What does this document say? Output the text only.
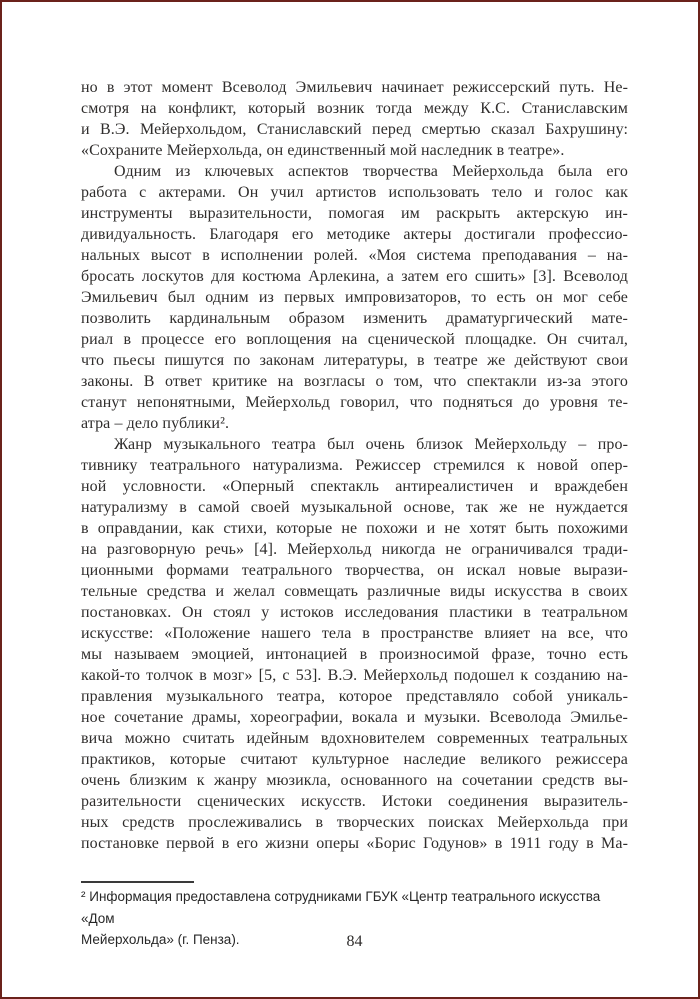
но в этот момент Всеволод Эмильевич начинает режиссерский путь. Не-
смотря на конфликт, который возник тогда между К.С. Станиславским
и В.Э. Мейерхольдом, Станиславский перед смертью сказал Бахрушину:
«Сохраните Мейерхольда, он единственный мой наследник в театре».
Одним из ключевых аспектов творчества Мейерхольда была его
работа с актерами. Он учил артистов использовать тело и голос как
инструменты выразительности, помогая им раскрыть актерскую ин-
дивидуальность. Благодаря его методике актеры достигали профессио-
нальных высот в исполнении ролей. «Моя система преподавания – на-
бросать лоскутов для костюма Арлекина, а затем его сшить» [3]. Всеволод
Эмильевич был одним из первых импровизаторов, то есть он мог себе
позволить кардинальным образом изменить драматургический мате-
риал в процессе его воплощения на сценической площадке. Он считал,
что пьесы пишутся по законам литературы, в театре же действуют свои
законы. В ответ критике на возгласы о том, что спектакли из-за этого
станут непонятными, Мейерхольд говорил, что подняться до уровня те-
атра – дело публики².
Жанр музыкального театра был очень близок Мейерхольду – про-
тивнику театрального натурализма. Режиссер стремился к новой опер-
ной условности. «Оперный спектакль антиреалистичен и враждебен
натурализму в самой своей музыкальной основе, так же не нуждается
в оправдании, как стихи, которые не похожи и не хотят быть похожими
на разговорную речь» [4]. Мейерхольд никогда не ограничивался тради-
ционными формами театрального творчества, он искал новые вырази-
тельные средства и желал совмещать различные виды искусства в своих
постановках. Он стоял у истоков исследования пластики в театральном
искусстве: «Положение нашего тела в пространстве влияет на все, что
мы называем эмоцией, интонацией в произносимой фразе, точно есть
какой-то толчок в мозг» [5, с 53]. В.Э. Мейерхольд подошел к созданию на-
правления музыкального театра, которое представляло собой уникаль-
ное сочетание драмы, хореографии, вокала и музыки. Всеволода Эмилье-
вича можно считать идейным вдохновителем современных театральных
практиков, которые считают культурное наследие великого режиссера
очень близким к жанру мюзикла, основанного на сочетании средств вы-
разительности сценических искусств. Истоки соединения выразитель-
ных средств прослеживались в творческих поисках Мейерхольда при
постановке первой в его жизни оперы «Борис Годунов» в 1911 году в Ма-
² Информация предоставлена сотрудниками ГБУК «Центр театрального искусства «Дом
Мейерхольда» (г. Пенза).	84
